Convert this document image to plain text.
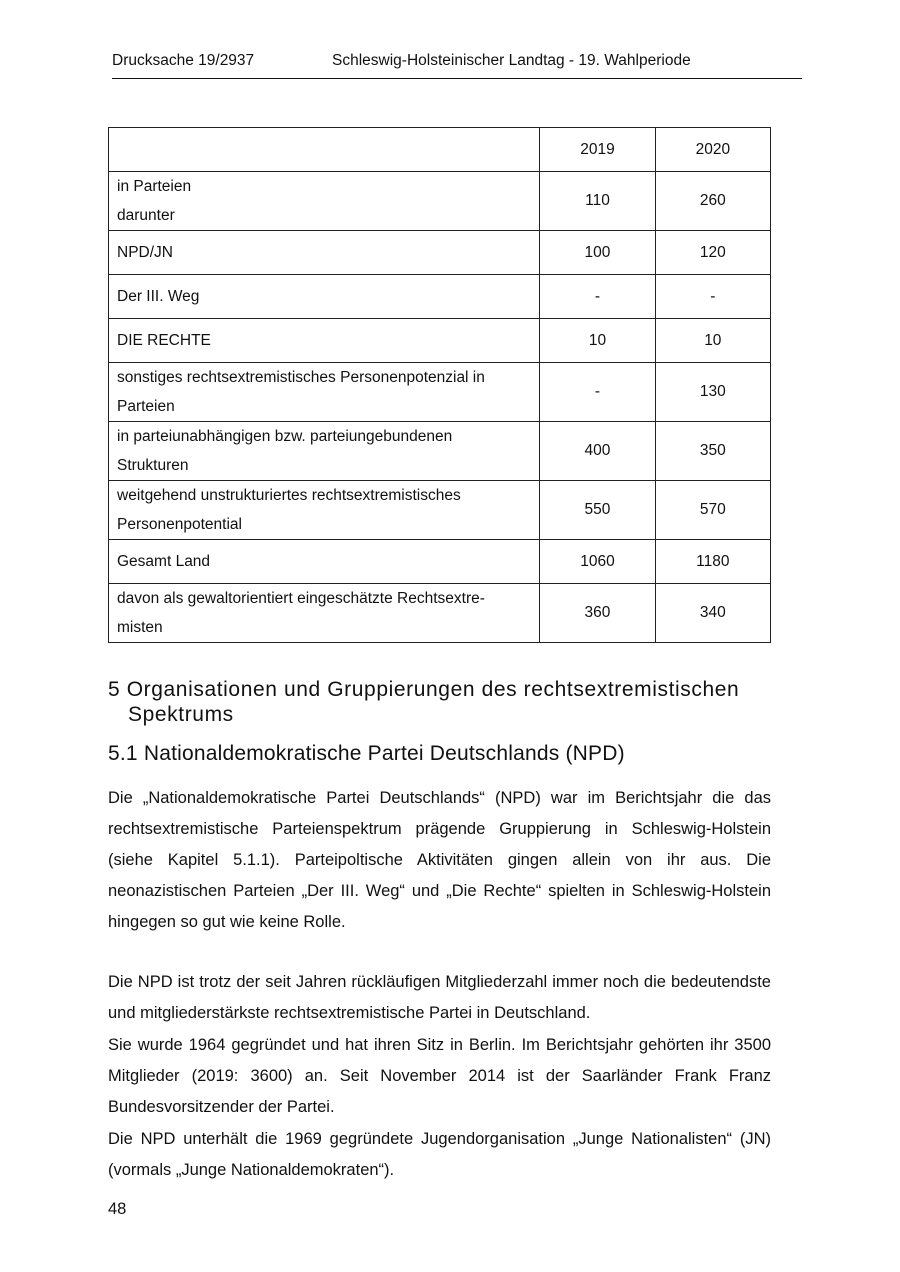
Drucksache 19/2937	Schleswig-Holsteinischer Landtag - 19. Wahlperiode
	2019	2020
in Parteien
darunter	110	260
NPD/JN	100	120
Der III. Weg	-	-
DIE RECHTE	10	10
sonstiges rechtsextremistisches Personenpotenzial in
Parteien	-	130
in parteiunabhängigen bzw. parteiungebundenen
Strukturen	400	350
weitgehend unstrukturiertes rechtsextremistisches
Personenpotential	550	570
Gesamt Land	1060	1180
davon als gewaltorientiert eingeschätzte Rechtsextre-
misten	360	340
5 Organisationen und Gruppierungen des rechtsextremistischen
Spektrums
5.1 Nationaldemokratische Partei Deutschlands (NPD)

Die „Nationaldemokratische Partei Deutschlands“ (NPD) war im Berichtsjahr die das rechtsextremistische Parteienspektrum prägende Gruppierung in Schleswig-Holstein (siehe Kapitel 5.1.1). Parteipoltische Aktivitäten gingen allein von ihr aus. Die neonazistischen Parteien „Der III. Weg“ und „Die Rechte“ spielten in Schleswig-Holstein hingegen so gut wie keine Rolle.

Die NPD ist trotz der seit Jahren rückläufigen Mitgliederzahl immer noch die bedeutendste und mitgliederstärkste rechtsextremistische Partei in Deutschland.

Sie wurde 1964 gegründet und hat ihren Sitz in Berlin. Im Berichtsjahr gehörten ihr 3500 Mitglieder (2019: 3600) an. Seit November 2014 ist der Saarländer Frank Franz Bundesvorsitzender der Partei.

Die NPD unterhält die 1969 gegründete Jugendorganisation „Junge Nationalisten“ (JN) (vormals „Junge Nationaldemokraten“).

48
